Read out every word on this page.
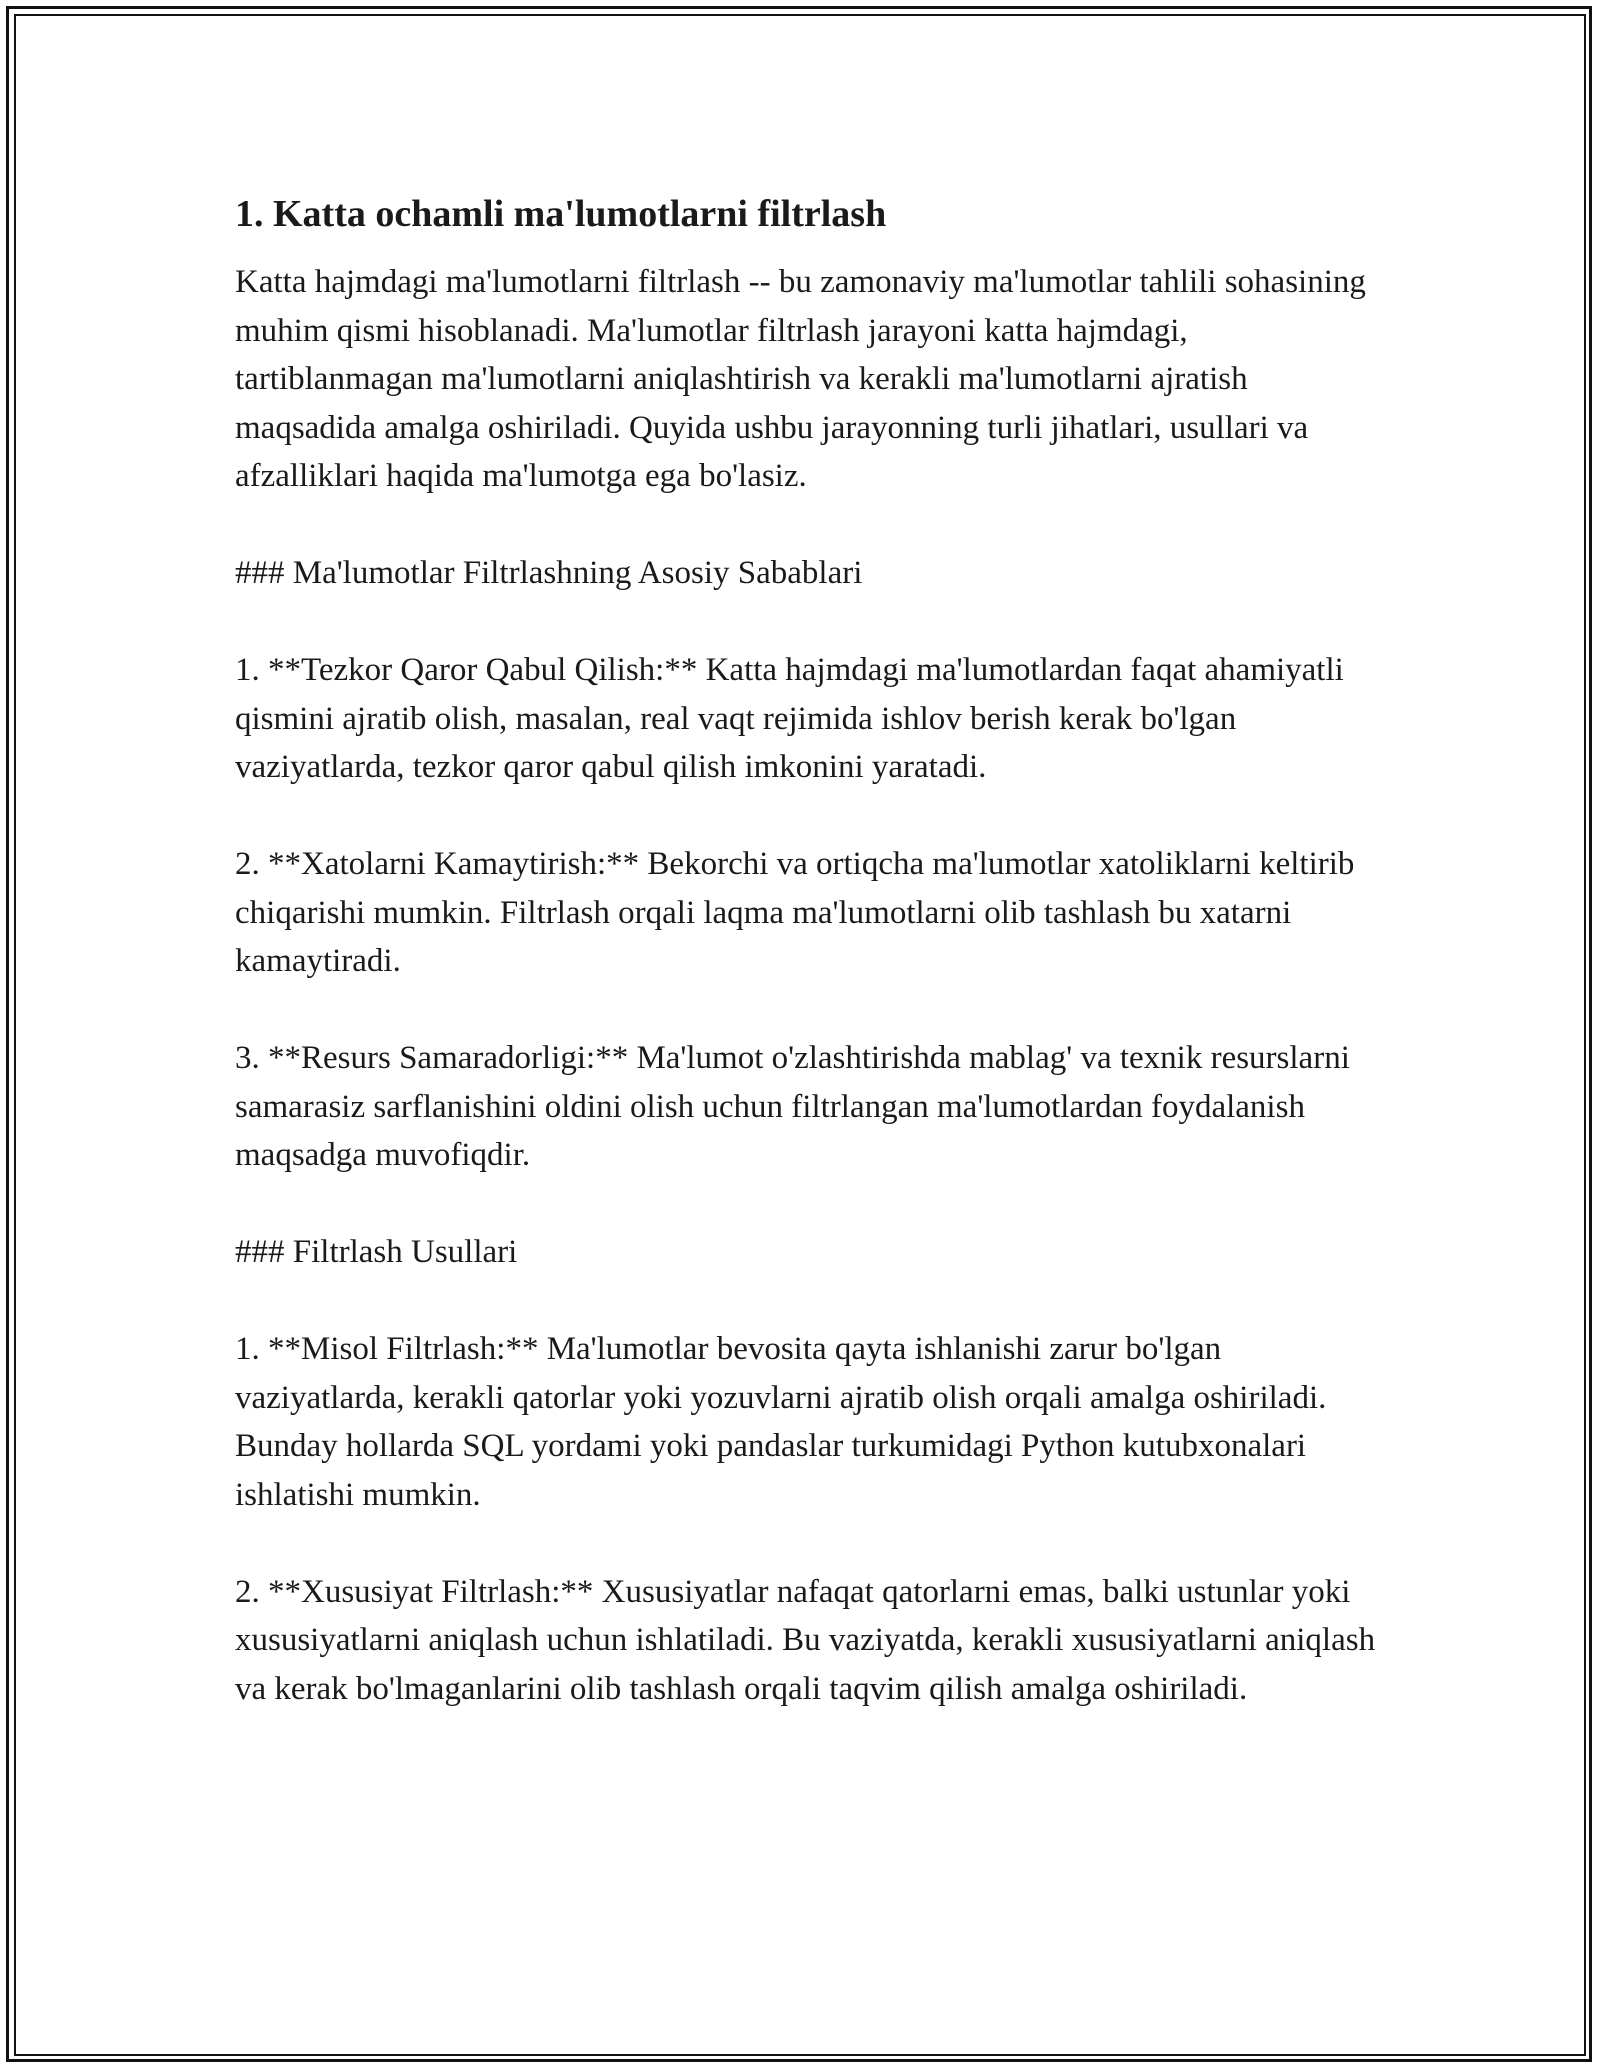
1. Katta ochamli ma'lumotlarni filtrlash

Katta hajmdagi ma'lumotlarni filtrlash -- bu zamonaviy ma'lumotlar tahlili sohasining muhim qismi hisoblanadi. Ma'lumotlar filtrlash jarayoni katta hajmdagi, tartiblanmagan ma'lumotlarni aniqlashtirish va kerakli ma'lumotlarni ajratish maqsadida amalga oshiriladi. Quyida ushbu jarayonning turli jihatlari, usullari va afzalliklari haqida ma'lumotga ega bo'lasiz.

### Ma'lumotlar Filtrlashning Asosiy Sabablari

1. **Tezkor Qaror Qabul Qilish:** Katta hajmdagi ma'lumotlardan faqat ahamiyatli qismini ajratib olish, masalan, real vaqt rejimida ishlov berish kerak bo'lgan vaziyatlarda, tezkor qaror qabul qilish imkonini yaratadi.

2. **Xatolarni Kamaytirish:** Bekorchi va ortiqcha ma'lumotlar xatoliklarni keltirib chiqarishi mumkin. Filtrlash orqali laqma ma'lumotlarni olib tashlash bu xatarni kamaytiradi.

3. **Resurs Samaradorligi:** Ma'lumot o'zlashtirishda mablag' va texnik resurslarni samarasiz sarflanishini oldini olish uchun filtrlangan ma'lumotlardan foydalanish maqsadga muvofiqdir.

### Filtrlash Usullari

1. **Misol Filtrlash:** Ma'lumotlar bevosita qayta ishlanishi zarur bo'lgan vaziyatlarda, kerakli qatorlar yoki yozuvlarni ajratib olish orqali amalga oshiriladi. Bunday hollarda SQL yordami yoki pandaslar turkumidagi Python kutubxonalari ishlatishi mumkin.

2. **Xususiyat Filtrlash:** Xususiyatlar nafaqat qatorlarni emas, balki ustunlar yoki xususiyatlarni aniqlash uchun ishlatiladi. Bu vaziyatda, kerakli xususiyatlarni aniqlash va kerak bo'lmaganlarini olib tashlash orqali taqvim qilish amalga oshiriladi.
